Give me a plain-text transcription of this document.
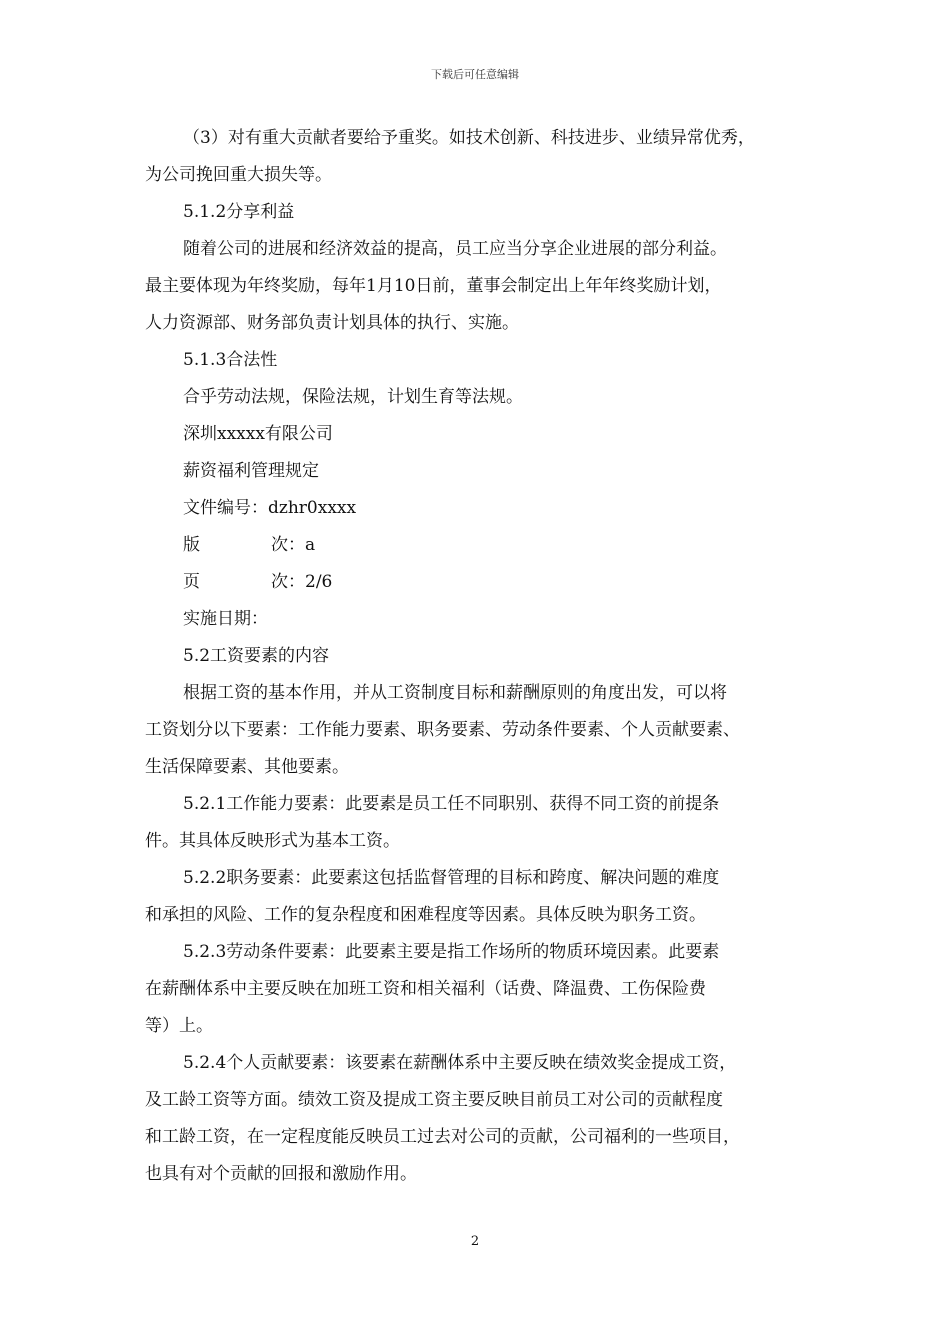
下载后可任意编辑

（3）对有重大贡献者要给予重奖。如技术创新、科技进步、业绩异常优秀，

为公司挽回重大损失等。

5.1.2分享利益

随着公司的进展和经济效益的提高，员工应当分享企业进展的部分利益。

最主要体现为年终奖励，每年1月10日前，董事会制定出上年年终奖励计划，

人力资源部、财务部负责计划具体的执行、实施。

5.1.3合法性

合乎劳动法规，保险法规，计划生育等法规。

深圳xxxxx有限公司

薪资福利管理规定

文件编号：dzhr0xxxx

版	次：a

页	次：2/6

实施日期：

5.2工资要素的内容

根据工资的基本作用，并从工资制度目标和薪酬原则的角度出发，可以将

工资划分以下要素：工作能力要素、职务要素、劳动条件要素、个人贡献要素、

生活保障要素、其他要素。

5.2.1工作能力要素：此要素是员工任不同职别、获得不同工资的前提条

件。其具体反映形式为基本工资。

5.2.2职务要素：此要素这包括监督管理的目标和跨度、解决问题的难度

和承担的风险、工作的复杂程度和困难程度等因素。具体反映为职务工资。

5.2.3劳动条件要素：此要素主要是指工作场所的物质环境因素。此要素

在薪酬体系中主要反映在加班工资和相关福利（话费、降温费、工伤保险费

等）上。

5.2.4个人贡献要素：该要素在薪酬体系中主要反映在绩效奖金提成工资，

及工龄工资等方面。绩效工资及提成工资主要反映目前员工对公司的贡献程度

和工龄工资，在一定程度能反映员工过去对公司的贡献，公司福利的一些项目，

也具有对个贡献的回报和激励作用。

2
